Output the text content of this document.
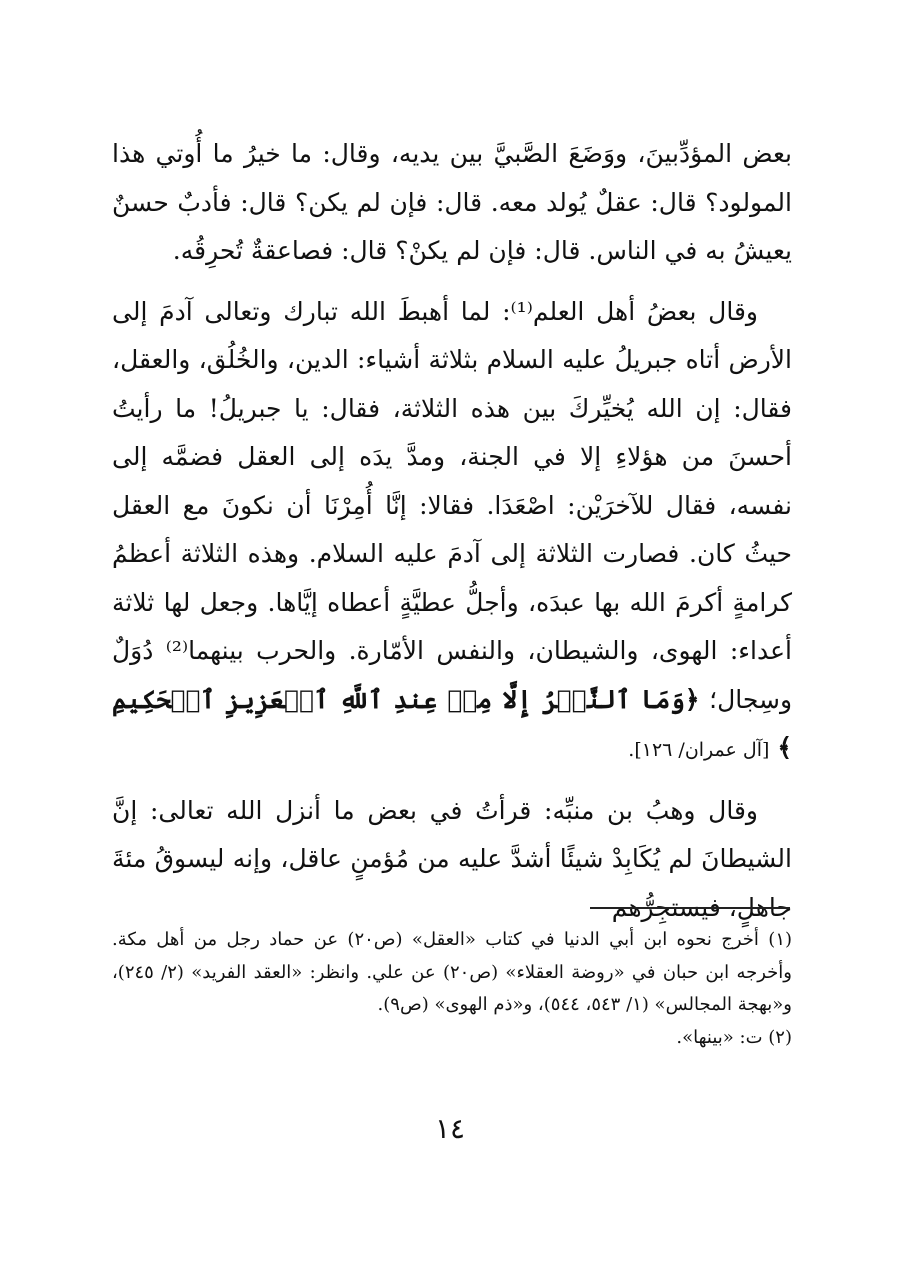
بعض المؤدِّبينَ، ووَضَعَ الصَّبيَّ بين يديه، وقال: ما خيرُ ما أُوتي هذا المولود؟ قال: عقلٌ يُولد معه. قال: فإن لم يكن؟ قال: فأدبٌ حسنٌ يعيشُ به في الناس. قال: فإن لم يكنْ؟ قال: فصاعقةٌ تُحرِقُه.

وقال بعضُ أهل العلم⁽¹⁾: لما أهبطَ الله تبارك وتعالى آدمَ إلى الأرض أتاه جبريلُ عليه السلام بثلاثة أشياء: الدين، والخُلُق، والعقل، فقال: إن الله يُخيِّركَ بين هذه الثلاثة، فقال: يا جبريلُ! ما رأيتُ أحسنَ من هؤلاءِ إلا في الجنة، ومدَّ يدَه إلى العقل فضمَّه إلى نفسه، فقال للآخرَيْن: اصْعَدَا. فقالا: إنَّا أُمِرْنَا أن نكونَ مع العقل حيثُ كان. فصارت الثلاثة إلى آدمَ عليه السلام. وهذه الثلاثة أعظمُ كرامةٍ أكرمَ الله بها عبدَه، وأجلُّ عطيَّةٍ أعطاه إيَّاها. وجعل لها ثلاثة أعداء: الهوى، والشيطان، والنفس الأمّارة. والحرب بينهما⁽²⁾ دُوَلٌ وسِجال؛ ﴿وَمَا ٱلنَّصۡرُ إِلَّا مِنۡ عِندِ ٱللَّهِ ٱلۡعَزِيزِ ٱلۡحَكِيمِ ﴾ [آل عمران/ ١٢٦].

وقال وهبُ بن منبِّه: قرأتُ في بعض ما أنزل الله تعالى: إنَّ الشيطانَ لم يُكَابِدْ شيئًا أشدَّ عليه من مُؤمنٍ عاقل، وإنه ليسوقُ مئةَ جاهلٍ، فيستجِرُّهم

(١) أخرج نحوه ابن أبي الدنيا في كتاب «العقل» (ص٢٠) عن حماد رجل من أهل مكة. وأخرجه ابن حبان في «روضة العقلاء» (ص٢٠) عن علي. وانظر: «العقد الفريد» (٢/ ٢٤٥)، و«بهجة المجالس» (١/ ٥٤٣، ٥٤٤)، و«ذم الهوى» (ص٩).

(٢) ت: «بينها».

١٤
